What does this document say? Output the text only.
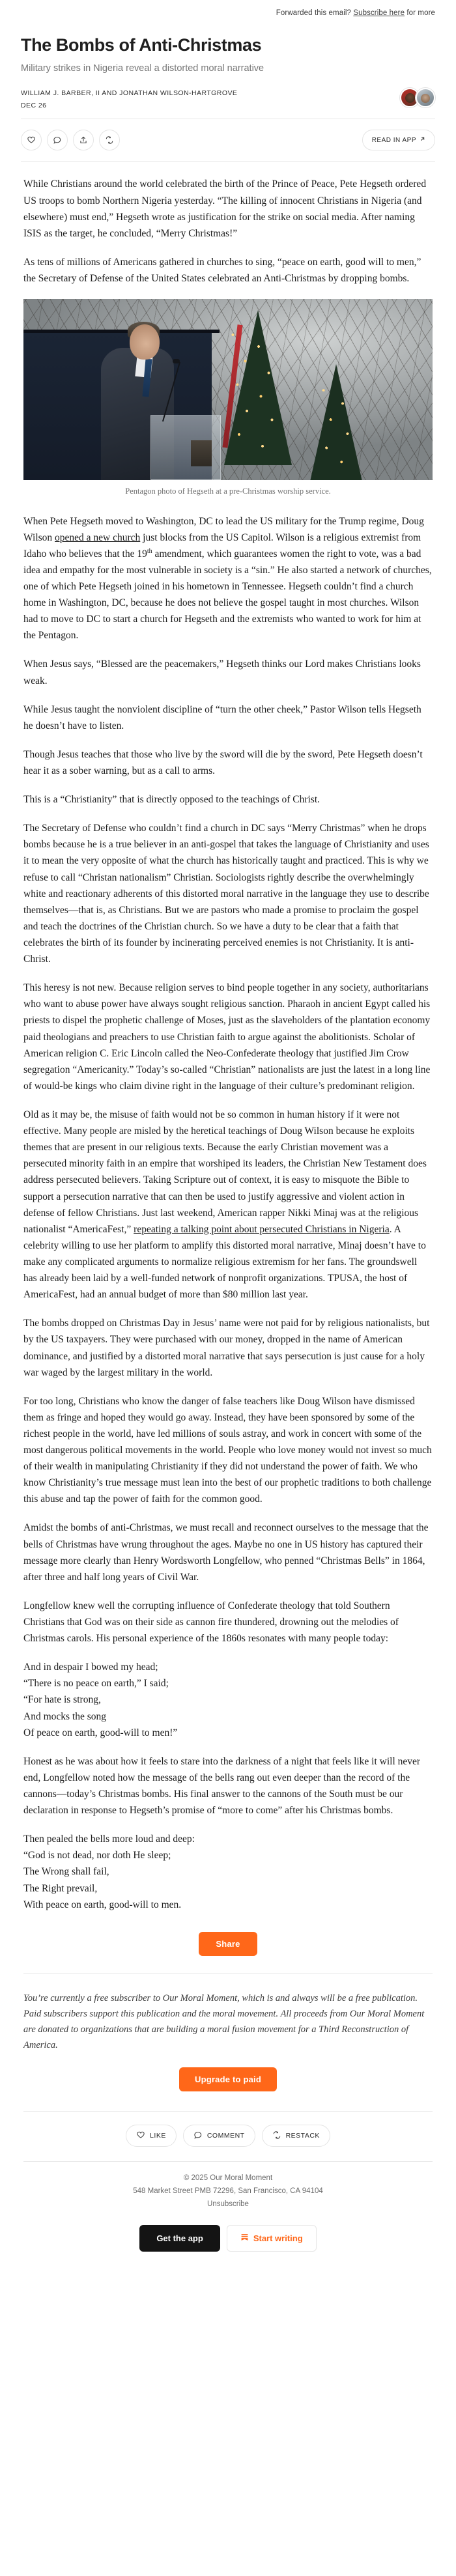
Forwarded this email? Subscribe here for more
The Bombs of Anti-Christmas
Military strikes in Nigeria reveal a distorted moral narrative
WILLIAM J. BARBER, II AND JONATHAN WILSON-HARTGROVE
DEC 26
READ IN APP

While Christians around the world celebrated the birth of the Prince of Peace, Pete Hegseth ordered US troops to bomb Northern Nigeria yesterday. “The killing of innocent Christians in Nigeria (and elsewhere) must end,” Hegseth wrote as justification for the strike on social media. After naming ISIS as the target, he concluded, “Merry Christmas!”

As tens of millions of Americans gathered in churches to sing, “peace on earth, good will to men,” the Secretary of Defense of the United States celebrated an Anti-Christmas by dropping bombs.

Pentagon photo of Hegseth at a pre-Christmas worship service.

When Pete Hegseth moved to Washington, DC to lead the US military for the Trump regime, Doug Wilson opened a new church just blocks from the US Capitol. Wilson is a religious extremist from Idaho who believes that the 19th amendment, which guarantees women the right to vote, was a bad idea and empathy for the most vulnerable in society is a “sin.” He also started a network of churches, one of which Pete Hegseth joined in his hometown in Tennessee. Hegseth couldn’t find a church home in Washington, DC, because he does not believe the gospel taught in most churches. Wilson had to move to DC to start a church for Hegseth and the extremists who wanted to work for him at the Pentagon.

When Jesus says, “Blessed are the peacemakers,” Hegseth thinks our Lord makes Christians looks weak.

While Jesus taught the nonviolent discipline of “turn the other cheek,” Pastor Wilson tells Hegseth he doesn’t have to listen.

Though Jesus teaches that those who live by the sword will die by the sword, Pete Hegseth doesn’t hear it as a sober warning, but as a call to arms.

This is a “Christianity” that is directly opposed to the teachings of Christ.

The Secretary of Defense who couldn’t find a church in DC says “Merry Christmas” when he drops bombs because he is a true believer in an anti-gospel that takes the language of Christianity and uses it to mean the very opposite of what the church has historically taught and practiced. This is why we refuse to call “Christan nationalism” Christian. Sociologists rightly describe the overwhelmingly white and reactionary adherents of this distorted moral narrative in the language they use to describe themselves—that is, as Christians. But we are pastors who made a promise to proclaim the gospel and teach the doctrines of the Christian church. So we have a duty to be clear that a faith that celebrates the birth of its founder by incinerating perceived enemies is not Christianity. It is anti-Christ.

This heresy is not new. Because religion serves to bind people together in any society, authoritarians who want to abuse power have always sought religious sanction. Pharaoh in ancient Egypt called his priests to dispel the prophetic challenge of Moses, just as the slaveholders of the plantation economy paid theologians and preachers to use Christian faith to argue against the abolitionists. Scholar of American religion C. Eric Lincoln called the Neo-Confederate theology that justified Jim Crow segregation “Americanity.” Today’s so-called “Christian” nationalists are just the latest in a long line of would-be kings who claim divine right in the language of their culture’s predominant religion.

Old as it may be, the misuse of faith would not be so common in human history if it were not effective. Many people are misled by the heretical teachings of Doug Wilson because he exploits themes that are present in our religious texts. Because the early Christian movement was a persecuted minority faith in an empire that worshiped its leaders, the Christian New Testament does address persecuted believers. Taking Scripture out of context, it is easy to misquote the Bible to support a persecution narrative that can then be used to justify aggressive and violent action in defense of fellow Christians. Just last weekend, American rapper Nikki Minaj was at the religious nationalist “AmericaFest,” repeating a talking point about persecuted Christians in Nigeria. A celebrity willing to use her platform to amplify this distorted moral narrative, Minaj doesn’t have to make any complicated arguments to normalize religious extremism for her fans. The groundswell has already been laid by a well-funded network of nonprofit organizations. TPUSA, the host of AmericaFest, had an annual budget of more than $80 million last year.

The bombs dropped on Christmas Day in Jesus’ name were not paid for by religious nationalists, but by the US taxpayers. They were purchased with our money, dropped in the name of American dominance, and justified by a distorted moral narrative that says persecution is just cause for a holy war waged by the largest military in the world.

For too long, Christians who know the danger of false teachers like Doug Wilson have dismissed them as fringe and hoped they would go away. Instead, they have been sponsored by some of the richest people in the world, have led millions of souls astray, and work in concert with some of the most dangerous political movements in the world. People who love money would not invest so much of their wealth in manipulating Christianity if they did not understand the power of faith. We who know Christianity’s true message must lean into the best of our prophetic traditions to both challenge this abuse and tap the power of faith for the common good.

Amidst the bombs of anti-Christmas, we must recall and reconnect ourselves to the message that the bells of Christmas have wrung throughout the ages. Maybe no one in US history has captured their message more clearly than Henry Wordsworth Longfellow, who penned “Christmas Bells” in 1864, after three and half long years of Civil War.

Longfellow knew well the corrupting influence of Confederate theology that told Southern Christians that God was on their side as cannon fire thundered, drowning out the melodies of Christmas carols. His personal experience of the 1860s resonates with many people today:

And in despair I bowed my head;
“There is no peace on earth,” I said;
“For hate is strong,
And mocks the song
Of peace on earth, good-will to men!”

Honest as he was about how it feels to stare into the darkness of a night that feels like it will never end, Longfellow noted how the message of the bells rang out even deeper than the record of the cannons—today’s Christmas bombs. His final answer to the cannons of the South must be our declaration in response to Hegseth’s promise of “more to come” after his Christmas bombs.

Then pealed the bells more loud and deep:
“God is not dead, nor doth He sleep;
The Wrong shall fail,
The Right prevail,
With peace on earth, good-will to men.
Share

You’re currently a free subscriber to Our Moral Moment, which is and always will be a free publication. Paid subscribers support this publication and the moral movement. All proceeds from Our Moral Moment are donated to organizations that are building a moral fusion movement for a Third Reconstruction of America.

Upgrade to paid
LIKE	COMMENT	RESTACK
© 2025 Our Moral Moment
548 Market Street PMB 72296, San Francisco, CA 94104
Unsubscribe
Get the app	Start writing
